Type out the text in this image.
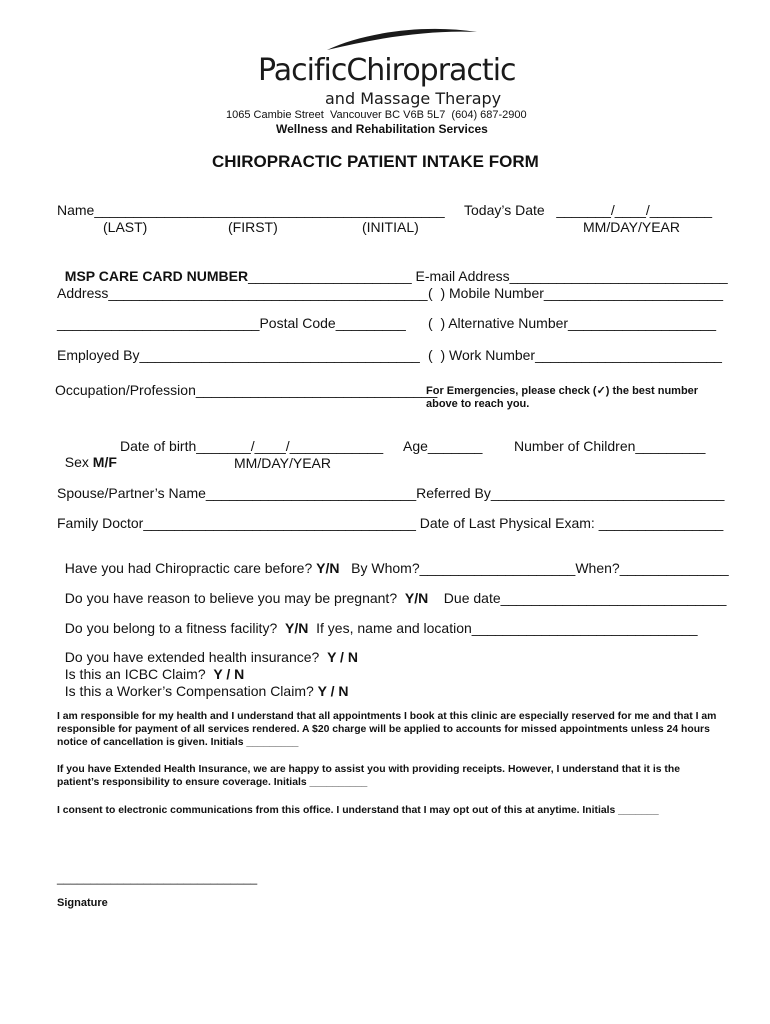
PacificChiropractic
and Massage Therapy
1065 Cambie Street  Vancouver BC V6B 5L7  (604) 687-2900
Wellness and Rehabilitation Services
CHIROPRACTIC PATIENT INTAKE FORM
Name_____________________________________________ Today’s Date   _______/____/________
(LAST)	(FIRST)	(INITIAL)	MM/DAY/YEAR

MSP CARE CARD NUMBER_____________________ E-mail Address____________________________

Address_________________________________________ (  ) Mobile Number_______________________
__________________________Postal Code_________ (  ) Alternative Number___________________
Employed By____________________________________ (  ) Work Number________________________
Occupation/Profession_______________________________
For Emergencies, please check (✓) the best number
above to reach you.

Sex M/F

Date of birth_______/____/____________ Age_______ Number of Children_________
MM/DAY/YEAR
Spouse/Partner’s Name___________________________Referred By______________________________
Family Doctor___________________________________ Date of Last Physical Exam: ________________

Have you had Chiropractic care before? Y/N   By Whom?____________________When?______________

Do you have reason to believe you may be pregnant?  Y/N    Due date_____________________________

Do you belong to a fitness facility?  Y/N  If yes, name and location_____________________________

Do you have extended health insurance?  Y / N

Is this an ICBC Claim?  Y / N

Is this a Worker’s Compensation Claim? Y / N

I am responsible for my health and I understand that all appointments I book at this clinic are especially reserved for me and that I am responsible for payment of all services rendered. A $20 charge will be applied to accounts for missed appointments unless 24 hours notice of cancellation is given. Initials _________
If you have Extended Health Insurance, we are happy to assist you with providing receipts. However, I understand that it is the patient’s responsibility to ensure coverage. Initials __________
I consent to electronic communications from this office. I understand that I may opt out of this at anytime. Initials _______
______________________________
Signature
